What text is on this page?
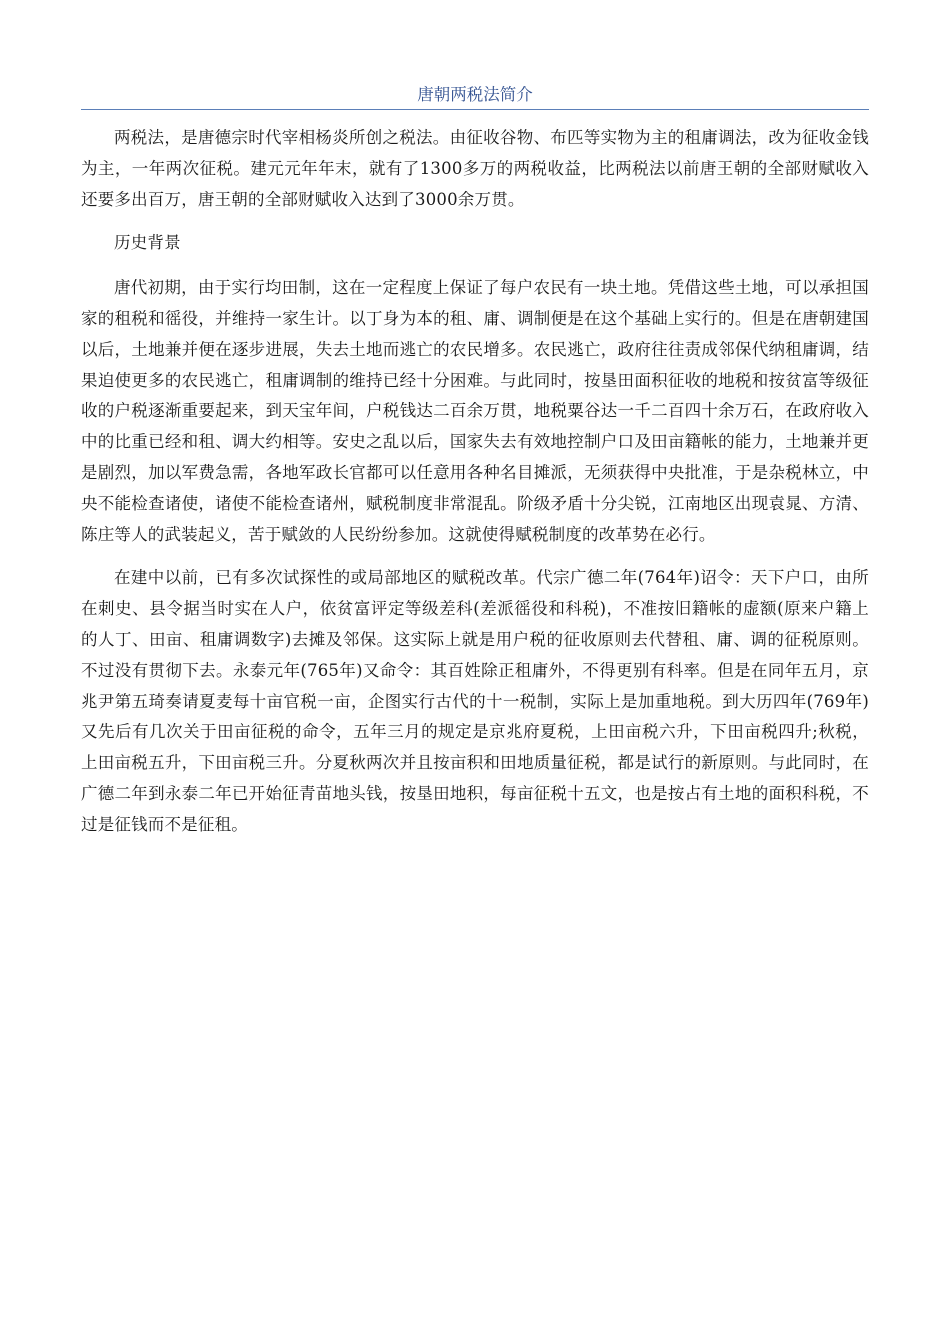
唐朝两税法简介

两税法，是唐德宗时代宰相杨炎所创之税法。由征收谷物、布匹等实物为主的租庸调法，改为征收金钱为主，一年两次征税。建元元年年末，就有了1300多万的两税收益，比两税法以前唐王朝的全部财赋收入还要多出百万，唐王朝的全部财赋收入达到了3000余万贯。

历史背景

唐代初期，由于实行均田制，这在一定程度上保证了每户农民有一块土地。凭借这些土地，可以承担国家的租税和徭役，并维持一家生计。以丁身为本的租、庸、调制便是在这个基础上实行的。但是在唐朝建国以后，土地兼并便在逐步进展，失去土地而逃亡的农民增多。农民逃亡，政府往往责成邻保代纳租庸调，结果迫使更多的农民逃亡，租庸调制的维持已经十分困难。与此同时，按垦田面积征收的地税和按贫富等级征收的户税逐渐重要起来，到天宝年间，户税钱达二百余万贯，地税粟谷达一千二百四十余万石，在政府收入中的比重已经和租、调大约相等。安史之乱以后，国家失去有效地控制户口及田亩籍帐的能力，土地兼并更是剧烈，加以军费急需，各地军政长官都可以任意用各种名目摊派，无须获得中央批准，于是杂税林立，中央不能检查诸使，诸使不能检查诸州，赋税制度非常混乱。阶级矛盾十分尖锐，江南地区出现袁晁、方清、陈庄等人的武装起义，苦于赋敛的人民纷纷参加。这就使得赋税制度的改革势在必行。

在建中以前，已有多次试探性的或局部地区的赋税改革。代宗广德二年(764年)诏令：天下户口，由所在刺史、县令据当时实在人户，依贫富评定等级差科(差派徭役和科税)，不准按旧籍帐的虚额(原来户籍上的人丁、田亩、租庸调数字)去摊及邻保。这实际上就是用户税的征收原则去代替租、庸、调的征税原则。不过没有贯彻下去。永泰元年(765年)又命令：其百姓除正租庸外，不得更别有科率。但是在同年五月，京兆尹第五琦奏请夏麦每十亩官税一亩，企图实行古代的十一税制，实际上是加重地税。到大历四年(769年)又先后有几次关于田亩征税的命令，五年三月的规定是京兆府夏税，上田亩税六升，下田亩税四升;秋税，上田亩税五升，下田亩税三升。分夏秋两次并且按亩积和田地质量征税，都是试行的新原则。与此同时，在广德二年到永泰二年已开始征青苗地头钱，按垦田地积，每亩征税十五文，也是按占有土地的面积科税，不过是征钱而不是征租。
